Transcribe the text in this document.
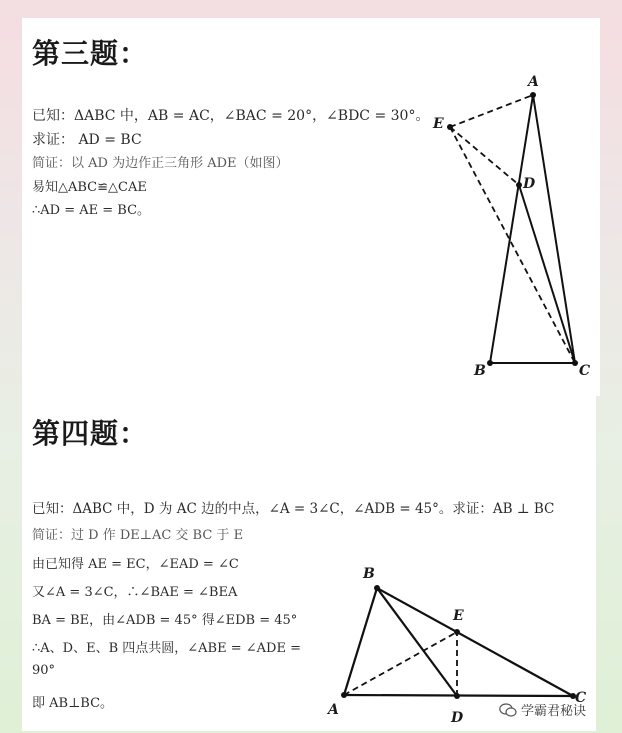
第三题：
已知：ΔABC 中，AB = AC，∠BAC = 20°，∠BDC = 30°。
求证： AD = BC
简证：以 AD 为边作正三角形 ADE（如图）
易知△ABC≌△CAE
∴AD = AE = BC。
A
B	C
D
E
第四题：
已知：ΔABC 中，D 为 AC 边的中点，∠A = 3∠C，∠ADB = 45°。求证：AB ⊥ BC
简证：过 D 作 DE⊥AC 交 BC 于 E
由已知得 AE = EC，∠EAD = ∠C
又∠A = 3∠C，∴∠BAE = ∠BEA
BA = BE，由∠ADB = 45° 得∠EDB = 45°
∴A、D、E、B 四点共圆，∠ABE = ∠ADE =
90°
即 AB⊥BC。	A
B
C
D
E
学霸君秘诀
